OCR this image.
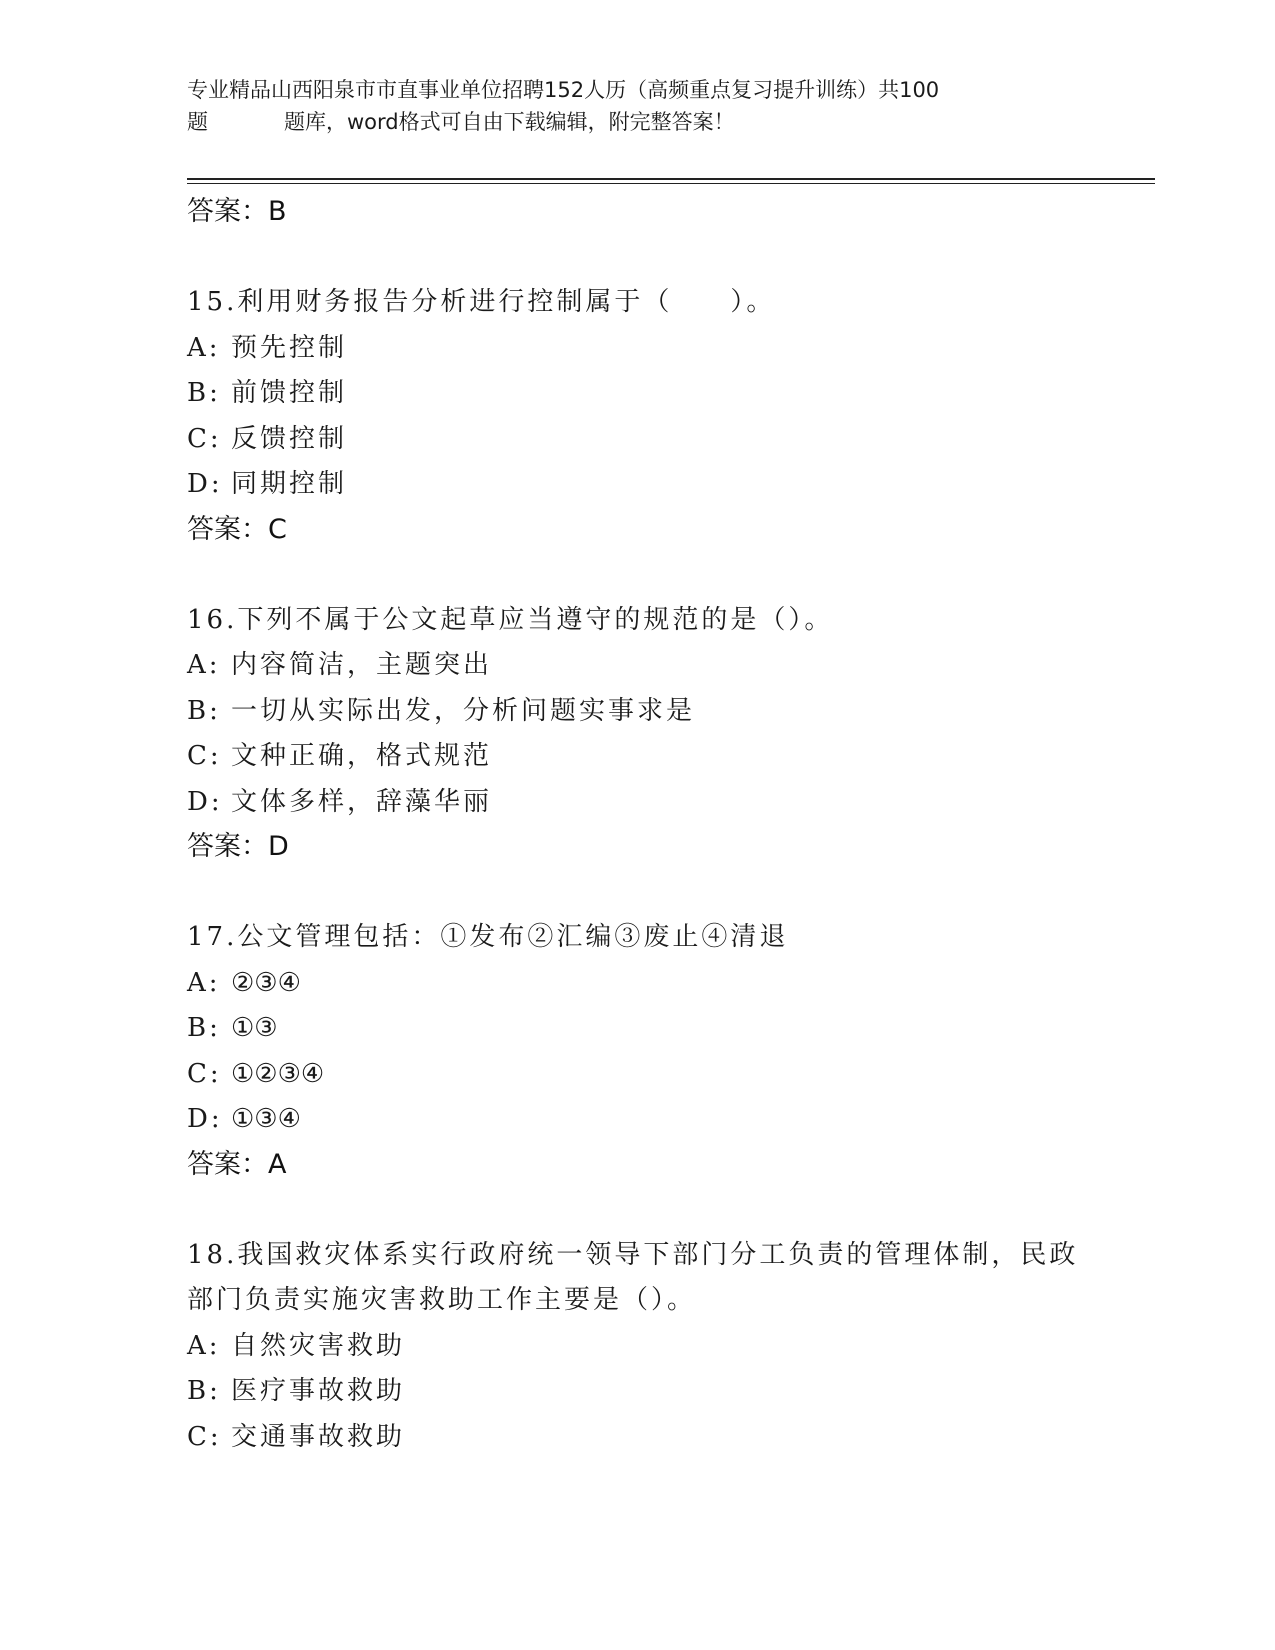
专业精品山西阳泉市市直事业单位招聘152人历（高频重点复习提升训练）共100
题	题库，word格式可自由下载编辑，附完整答案！
答案：B
15.利用财务报告分析进行控制属于（　　）。
A: 预先控制
B: 前馈控制
C: 反馈控制
D: 同期控制
答案：C
16.下列不属于公文起草应当遵守的规范的是（）。
A: 内容简洁，主题突出
B: 一切从实际出发，分析问题实事求是
C: 文种正确，格式规范
D: 文体多样，辞藻华丽
答案：D
17.公文管理包括：①发布②汇编③废止④清退
A: ②③④
B: ①③
C: ①②③④
D: ①③④
答案：A
18.我国救灾体系实行政府统一领导下部门分工负责的管理体制，民政
部门负责实施灾害救助工作主要是（）。
A: 自然灾害救助
B: 医疗事故救助
C: 交通事故救助
